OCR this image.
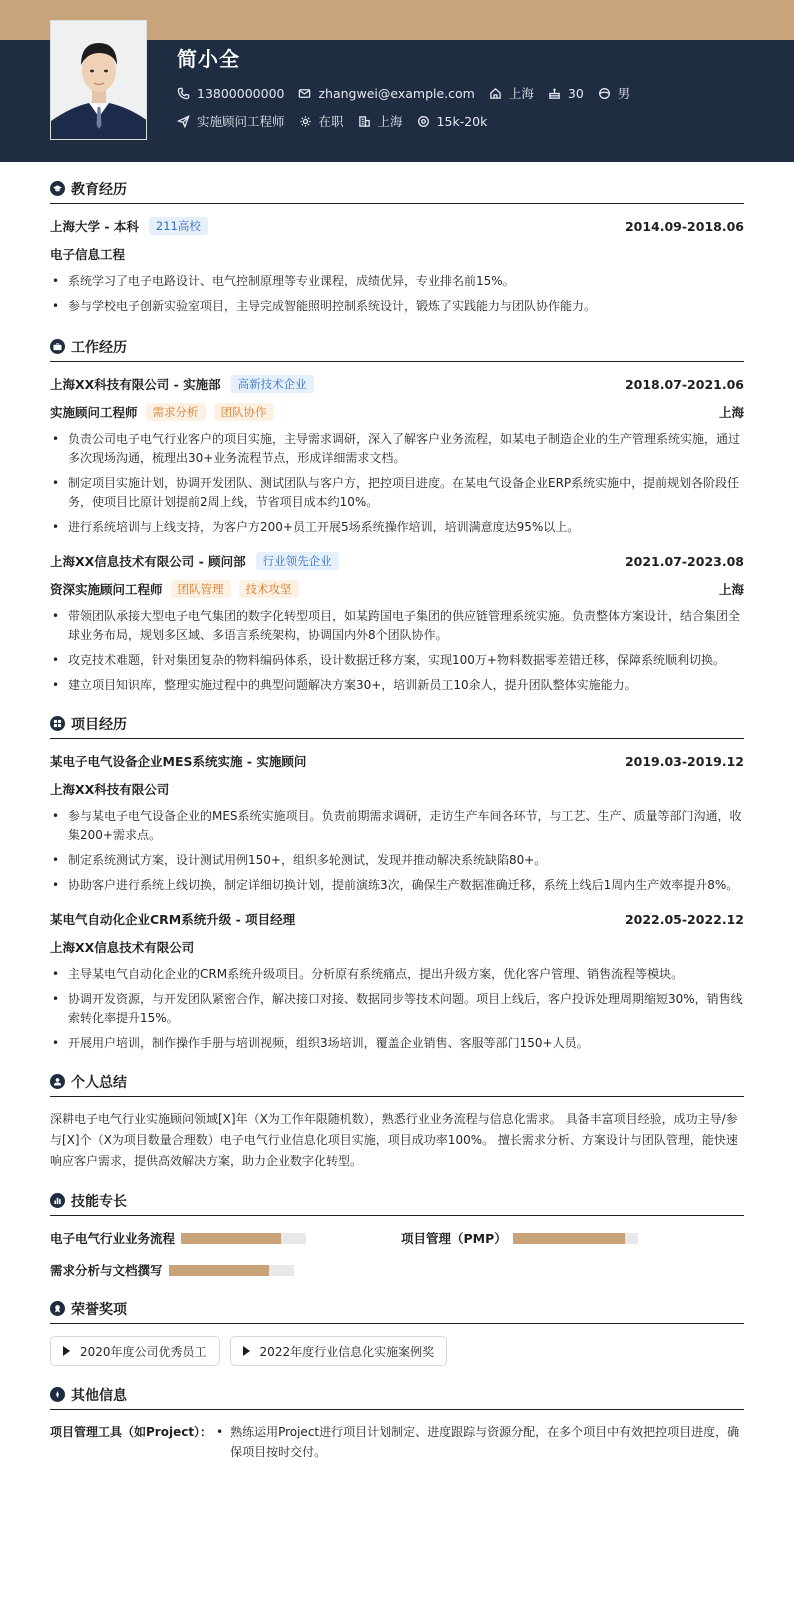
简小全
13800000000	zhangwei@example.com	上海	30	男
实施顾问工程师	在职	上海	15k-20k
教育经历
上海大学 - 本科	211高校	2014.09-2018.06
电子信息工程
• 系统学习了电子电路设计、电气控制原理等专业课程，成绩优异，专业排名前15%。
• 参与学校电子创新实验室项目，主导完成智能照明控制系统设计，锻炼了实践能力与团队协作能力。
工作经历
上海XX科技有限公司 - 实施部	高新技术企业	2018.07-2021.06
实施顾问工程师	需求分析	团队协作	上海
• 负责公司电子电气行业客户的项目实施，主导需求调研，深入了解客户业务流程，如某电子制造企业的生产管理系统实施，通过多次现场沟通，梳理出30+业务流程节点，形成详细需求文档。
• 制定项目实施计划，协调开发团队、测试团队与客户方，把控项目进度。在某电气设备企业ERP系统实施中，提前规划各阶段任务，使项目比原计划提前2周上线，节省项目成本约10%。
• 进行系统培训与上线支持，为客户方200+员工开展5场系统操作培训，培训满意度达95%以上。
上海XX信息技术有限公司 - 顾问部	行业领先企业	2021.07-2023.08
资深实施顾问工程师	团队管理	技术攻坚	上海
• 带领团队承接大型电子电气集团的数字化转型项目，如某跨国电子集团的供应链管理系统实施。负责整体方案设计，结合集团全球业务布局，规划多区域、多语言系统架构，协调国内外8个团队协作。
• 攻克技术难题，针对集团复杂的物料编码体系，设计数据迁移方案，实现100万+物料数据零差错迁移，保障系统顺利切换。
• 建立项目知识库，整理实施过程中的典型问题解决方案30+，培训新员工10余人，提升团队整体实施能力。
项目经历
某电子电气设备企业MES系统实施 - 实施顾问	2019.03-2019.12
上海XX科技有限公司
• 参与某电子电气设备企业的MES系统实施项目。负责前期需求调研，走访生产车间各环节，与工艺、生产、质量等部门沟通，收集200+需求点。
• 制定系统测试方案，设计测试用例150+，组织多轮测试，发现并推动解决系统缺陷80+。
• 协助客户进行系统上线切换，制定详细切换计划，提前演练3次，确保生产数据准确迁移，系统上线后1周内生产效率提升8%。
某电气自动化企业CRM系统升级 - 项目经理	2022.05-2022.12
上海XX信息技术有限公司
• 主导某电气自动化企业的CRM系统升级项目。分析原有系统痛点，提出升级方案，优化客户管理、销售流程等模块。
• 协调开发资源，与开发团队紧密合作，解决接口对接、数据同步等技术问题。项目上线后，客户投诉处理周期缩短30%，销售线索转化率提升15%。
• 开展用户培训，制作操作手册与培训视频，组织3场培训，覆盖企业销售、客服等部门150+人员。
个人总结

深耕电子电气行业实施顾问领域[X]年（X为工作年限随机数），熟悉行业业务流程与信息化需求。 具备丰富项目经验，成功主导/参与[X]个（X为项目数量合理数）电子电气行业信息化项目实施，项目成功率100%。 擅长需求分析、方案设计与团队管理，能快速响应客户需求，提供高效解决方案，助力企业数字化转型。

技能专长
电子电气行业业务流程	项目管理（PMP）
需求分析与文档撰写
荣誉奖项
2020年度公司优秀员工	2022年度行业信息化实施案例奖
其他信息
项目管理工具（如Project）：
•	熟练运用Project进行项目计划制定、进度跟踪与资源分配，在多个项目中有效把控项目进度，确保项目按时交付。
